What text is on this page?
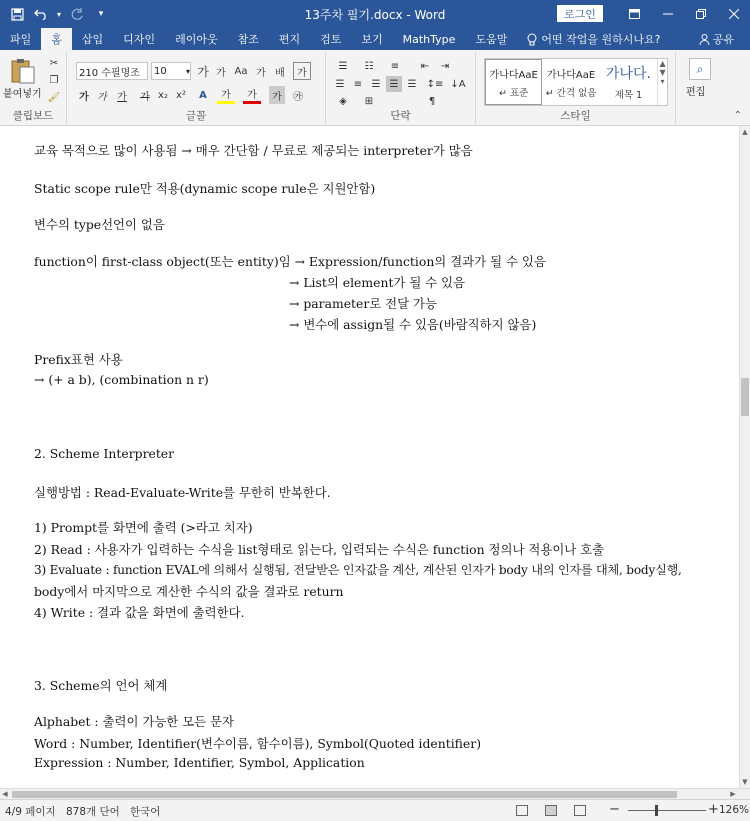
▾	▾	13주차 필기.docx - Word	로그인
파일	홈	삽입	디자인	레이아웃	참조	편지	검토	보기	MathType	도움말	어떤 작업을 원하시나요?	공유
붙여넣기
✂
❐
🖌
클립보드
210 수필명조 10 ▾ 가 가 Aa 가 배	가
가 가	가	가 x₂ x²	A	가	가	가	㉮
글꼴
☰	☷	≡	⇤	⇥
☰ ≡ ☰ ☰ ☰	↕≡ ↓A
◈	⊞	¶
단락
가나다AaE
↵ 표준
가나다AaE
↵ 간격 없음
가나다.
제목 1
▲
▼
▾
스타일
⌕
편집
⌃
교육 목적으로 많이 사용됨 → 매우 간단함 / 무료로 제공되는 interpreter가 많음
Static scope rule만 적용(dynamic scope rule은 지원안함)
변수의 type선언이 없음
function이 first-class object(또는 entity)임 → Expression/function의 결과가 될 수 있음
→ List의 element가 될 수 있음
→ parameter로 전달 가능
→ 변수에 assign될 수 있음(바람직하지 않음)
Prefix표현 사용
→ (+ a b), (combination n r)
2. Scheme Interpreter
실행방법 : Read-Evaluate-Write를 무한히 반복한다.
1) Prompt를 화면에 출력 (>라고 치자)
2) Read : 사용자가 입력하는 수식을 list형태로 읽는다, 입력되는 수식은 function 정의나 적용이나 호출
3) Evaluate : function EVAL에 의해서 실행됨, 전달받은 인자값을 계산, 계산된 인자가 body 내의 인자를 대체, body실행,
body에서 마지막으로 계산한 수식의 값을 결과로 return
4) Write : 결과 값을 화면에 출력한다.
3. Scheme의 언어 체계
Alphabet : 출력이 가능한 모든 문자
Word : Number, Identifier(변수이름, 함수이름), Symbol(Quoted identifier)
Expression : Number, Identifier, Symbol, Application
▲
▼
◀	▶
4/9 페이지 878개 단어 한국어	−	+ 126%
